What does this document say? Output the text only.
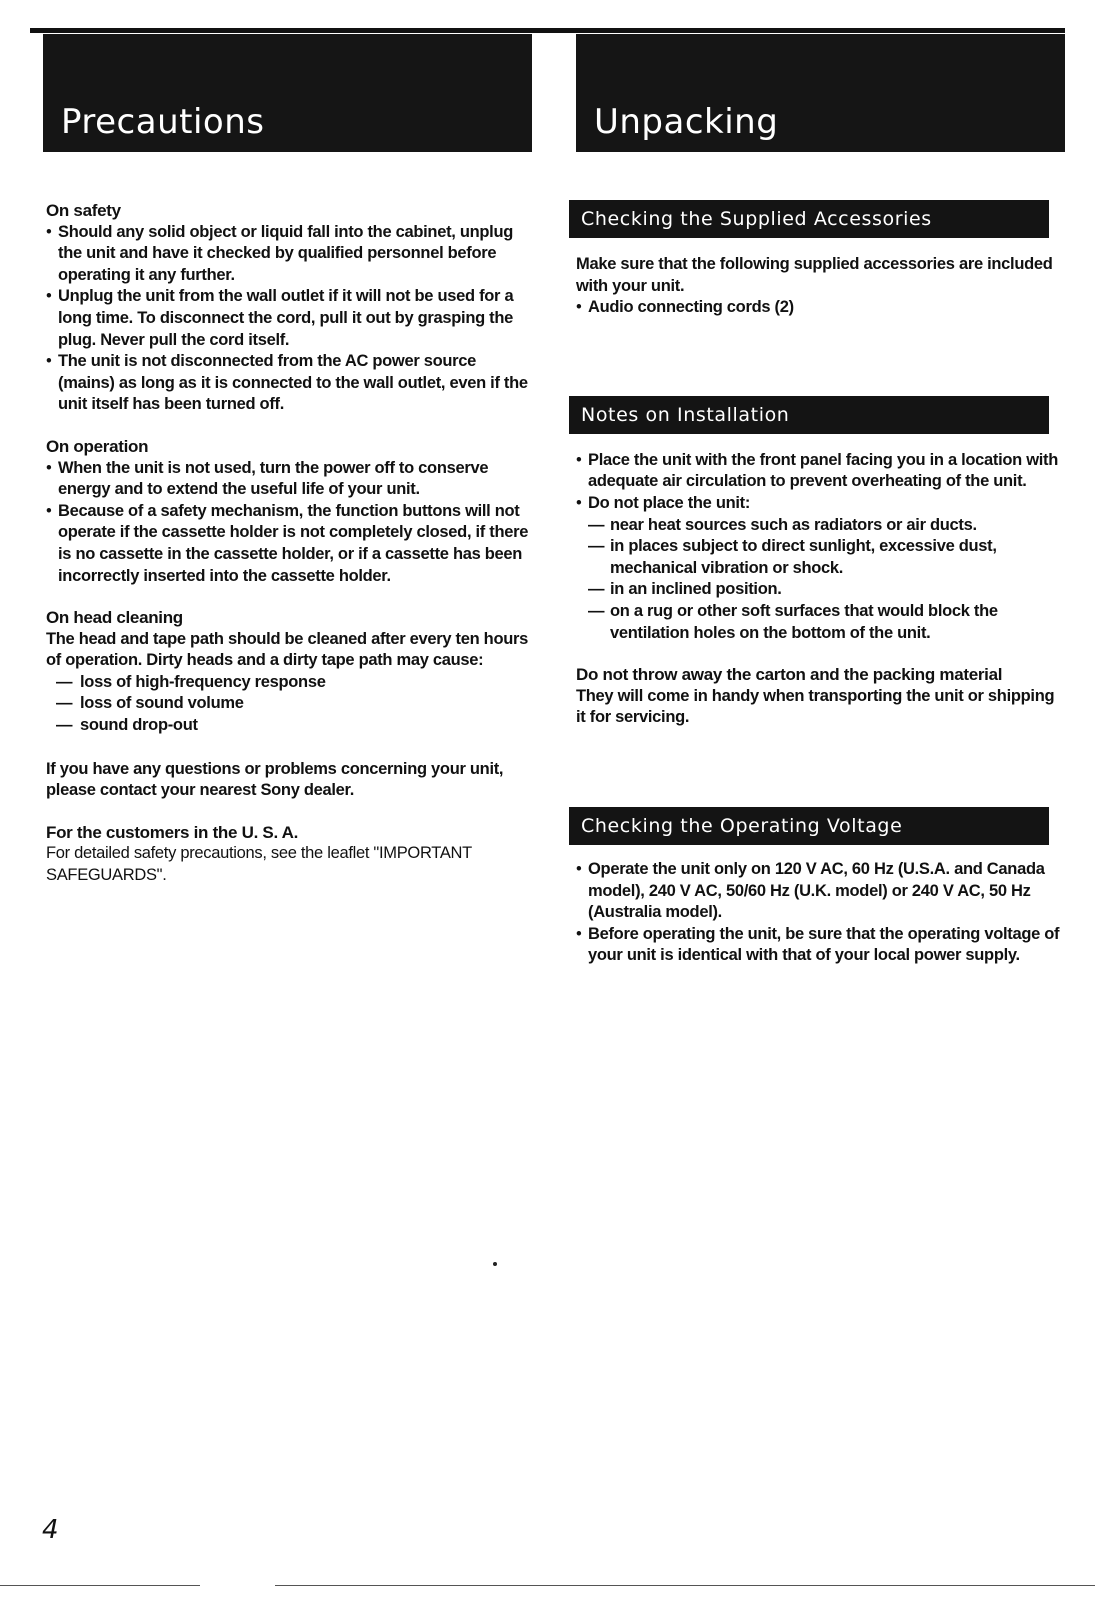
Precautions	Unpacking
On safety
• Should any solid object or liquid fall into the cabinet, unplug the unit and have it checked by qualified personnel before operating it any further.
• Unplug the unit from the wall outlet if it will not be used for a long time. To disconnect the cord, pull it out by grasping the plug. Never pull the cord itself.
• The unit is not disconnected from the AC power source (mains) as long as it is connected to the wall outlet, even if the unit itself has been turned off.
On operation
• When the unit is not used, turn the power off to conserve energy and to extend the useful life of your unit.
• Because of a safety mechanism, the function buttons will not operate if the cassette holder is not completely closed, if there is no cassette in the cassette holder, or if a cassette has been incorrectly inserted into the cassette holder.
On head cleaning

The head and tape path should be cleaned after every ten hours of operation. Dirty heads and a dirty tape path may cause:

— loss of high-frequency response
— loss of sound volume
— sound drop-out

If you have any questions or problems concerning your unit, please contact your nearest Sony dealer.

For the customers in the U. S. A.

For detailed safety precautions, see the leaflet "IMPORTANT SAFEGUARDS".

Checking the Supplied Accessories

Make sure that the following supplied accessories are included with your unit.

• Audio connecting cords (2)
Notes on Installation
• Place the unit with the front panel facing you in a location with adequate air circulation to prevent overheating of the unit.
• Do not place the unit:
— near heat sources such as radiators or air ducts.
— in places subject to direct sunlight, excessive dust, mechanical vibration or shock.
— in an inclined position.
— on a rug or other soft surfaces that would block the ventilation holes on the bottom of the unit.
Do not throw away the carton and the packing material

They will come in handy when transporting the unit or shipping it for servicing.

Checking the Operating Voltage
• Operate the unit only on 120 V AC, 60 Hz (U.S.A. and Canada model), 240 V AC, 50/60 Hz (U.K. model) or 240 V AC, 50 Hz (Australia model).
• Before operating the unit, be sure that the operating voltage of your unit is identical with that of your local power supply.
4
